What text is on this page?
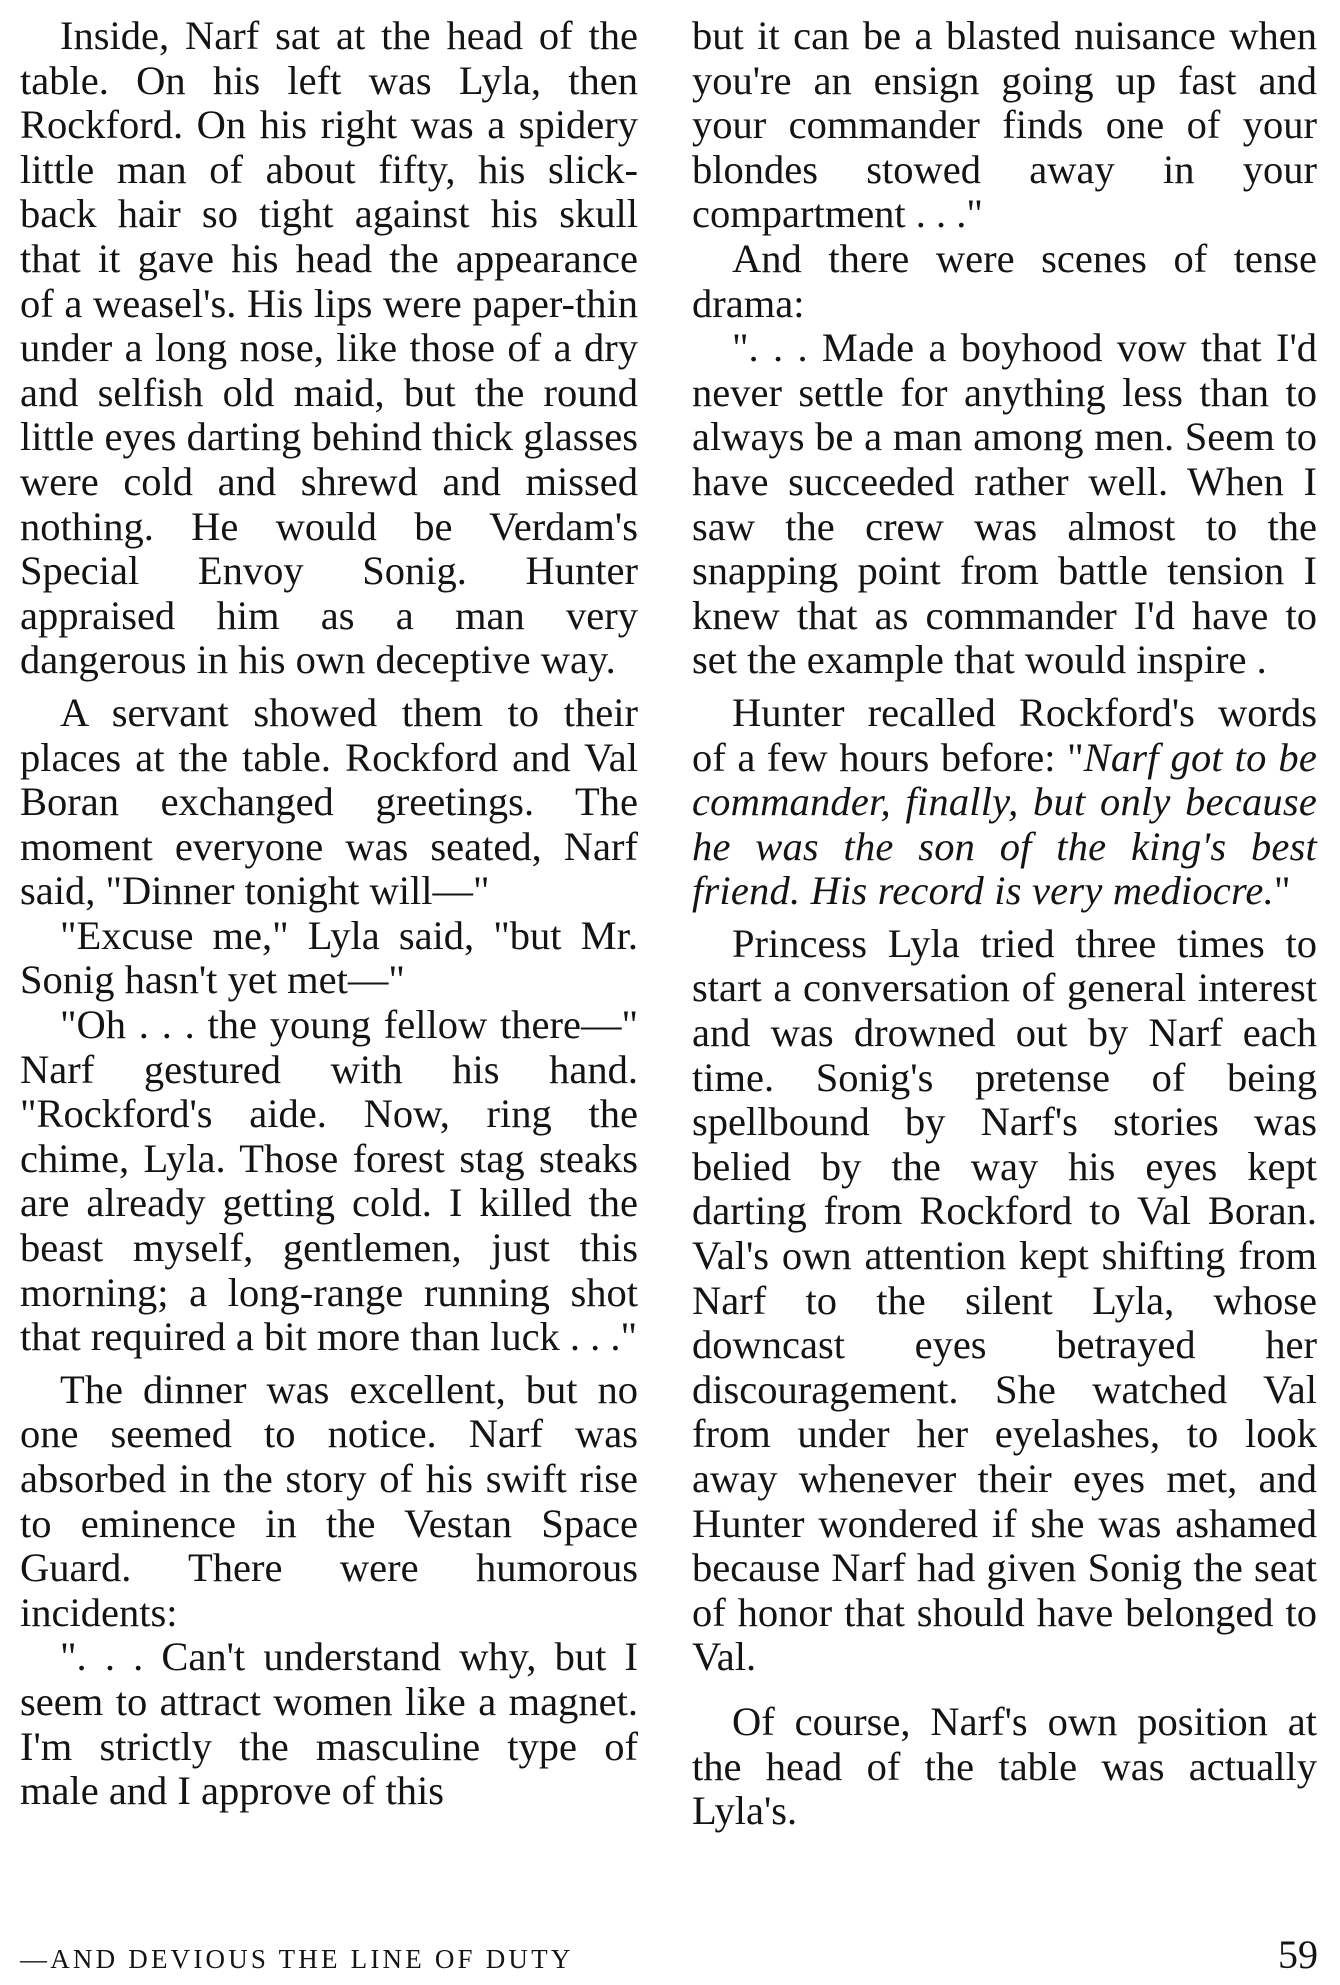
Inside, Narf sat at the head of the table. On his left was Lyla, then Rockford. On his right was a spidery little man of about fifty, his slick-back hair so tight against his skull that it gave his head the appearance of a weasel's. His lips were paper-thin under a long nose, like those of a dry and selfish old maid, but the round little eyes darting behind thick glasses were cold and shrewd and missed nothing. He would be Verdam's Special Envoy Sonig. Hunter appraised him as a man very dangerous in his own deceptive way.

A servant showed them to their places at the table. Rockford and Val Boran exchanged greetings. The moment everyone was seated, Narf said, "Dinner tonight will—"

"Excuse me," Lyla said, "but Mr. Sonig hasn't yet met—"

"Oh . . . the young fellow there—" Narf gestured with his hand. "Rockford's aide. Now, ring the chime, Lyla. Those forest stag steaks are already getting cold. I killed the beast myself, gentlemen, just this morning; a long-range running shot that required a bit more than luck . . ."

The dinner was excellent, but no one seemed to notice. Narf was absorbed in the story of his swift rise to eminence in the Vestan Space Guard. There were humorous incidents:

". . . Can't understand why, but I seem to attract women like a magnet. I'm strictly the masculine type of male and I approve of this

but it can be a blasted nuisance when you're an ensign going up fast and your commander finds one of your blondes stowed away in your compartment . . ."

And there were scenes of tense drama:

". . . Made a boyhood vow that I'd never settle for anything less than to always be a man among men. Seem to have succeeded rather well. When I saw the crew was almost to the snapping point from battle tension I knew that as commander I'd have to set the example that would inspire .

Hunter recalled Rockford's words of a few hours before: "Narf got to be commander, finally, but only because he was the son of the king's best friend. His record is very mediocre."

Princess Lyla tried three times to start a conversation of general interest and was drowned out by Narf each time. Sonig's pretense of being spellbound by Narf's stories was belied by the way his eyes kept darting from Rockford to Val Boran. Val's own attention kept shifting from Narf to the silent Lyla, whose downcast eyes betrayed her discouragement. She watched Val from under her eyelashes, to look away whenever their eyes met, and Hunter wondered if she was ashamed because Narf had given Sonig the seat of honor that should have belonged to Val.

Of course, Narf's own position at the head of the table was actually Lyla's.

—AND DEVIOUS THE LINE OF DUTY	59
